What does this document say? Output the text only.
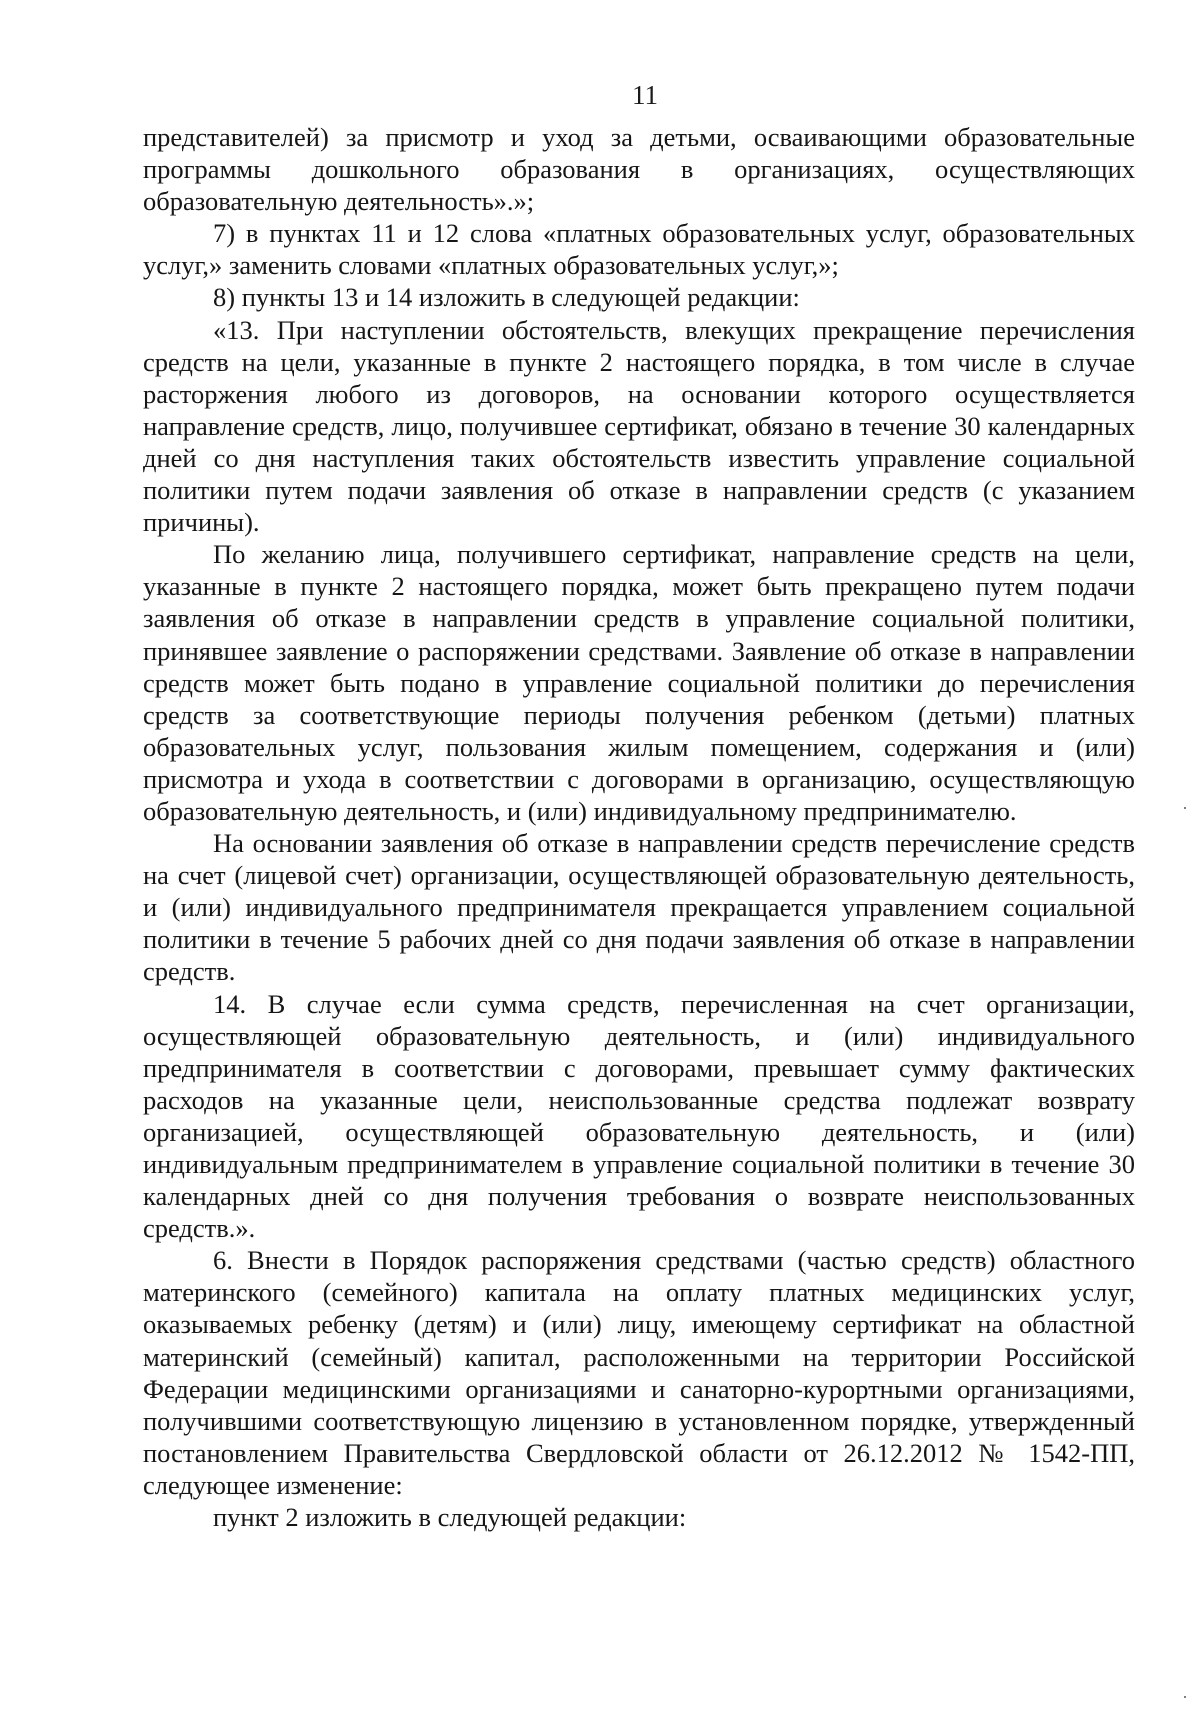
11

представителей) за присмотр и уход за детьми, осваивающими образовательные программы дошкольного образования в организациях, осуществляющих образовательную деятельность».»;

7) в пунктах 11 и 12 слова «платных образовательных услуг, образовательных услуг,» заменить словами «платных образовательных услуг,»;

8) пункты 13 и 14 изложить в следующей редакции:

«13. При наступлении обстоятельств, влекущих прекращение перечисления средств на цели, указанные в пункте 2 настоящего порядка, в том числе в случае расторжения любого из договоров, на основании которого осуществляется направление средств, лицо, получившее сертификат, обязано в течение 30 календарных дней со дня наступления таких обстоятельств известить управление социальной политики путем подачи заявления об отказе в направлении средств (с указанием причины).

По желанию лица, получившего сертификат, направление средств на цели, указанные в пункте 2 настоящего порядка, может быть прекращено путем подачи заявления об отказе в направлении средств в управление социальной политики, принявшее заявление о распоряжении средствами. Заявление об отказе в направлении средств может быть подано в управление социальной политики до перечисления средств за соответствующие периоды получения ребенком (детьми) платных образовательных услуг, пользования жилым помещением, содержания и (или) присмотра и ухода в соответствии с договорами в организацию, осуществляющую образовательную деятельность, и (или) индивидуальному предпринимателю.

На основании заявления об отказе в направлении средств перечисление средств на счет (лицевой счет) организации, осуществляющей образовательную деятельность, и (или) индивидуального предпринимателя прекращается управлением социальной политики в течение 5 рабочих дней со дня подачи заявления об отказе в направлении средств.

14. В случае если сумма средств, перечисленная на счет организации, осуществляющей образовательную деятельность, и (или) индивидуального предпринимателя в соответствии с договорами, превышает сумму фактических расходов на указанные цели, неиспользованные средства подлежат возврату организацией, осуществляющей образовательную деятельность, и (или) индивидуальным предпринимателем в управление социальной политики в течение 30 календарных дней со дня получения требования о возврате неиспользованных средств.».

6. Внести в Порядок распоряжения средствами (частью средств) областного материнского (семейного) капитала на оплату платных медицинских услуг, оказываемых ребенку (детям) и (или) лицу, имеющему сертификат на областной материнский (семейный) капитал, расположенными на территории Российской Федерации медицинскими организациями и санаторно-курортными организациями, получившими соответствующую лицензию в установленном порядке, утвержденный постановлением Правительства Свердловской области от 26.12.2012 № 1542-ПП, следующее изменение:

пункт 2 изложить в следующей редакции:
